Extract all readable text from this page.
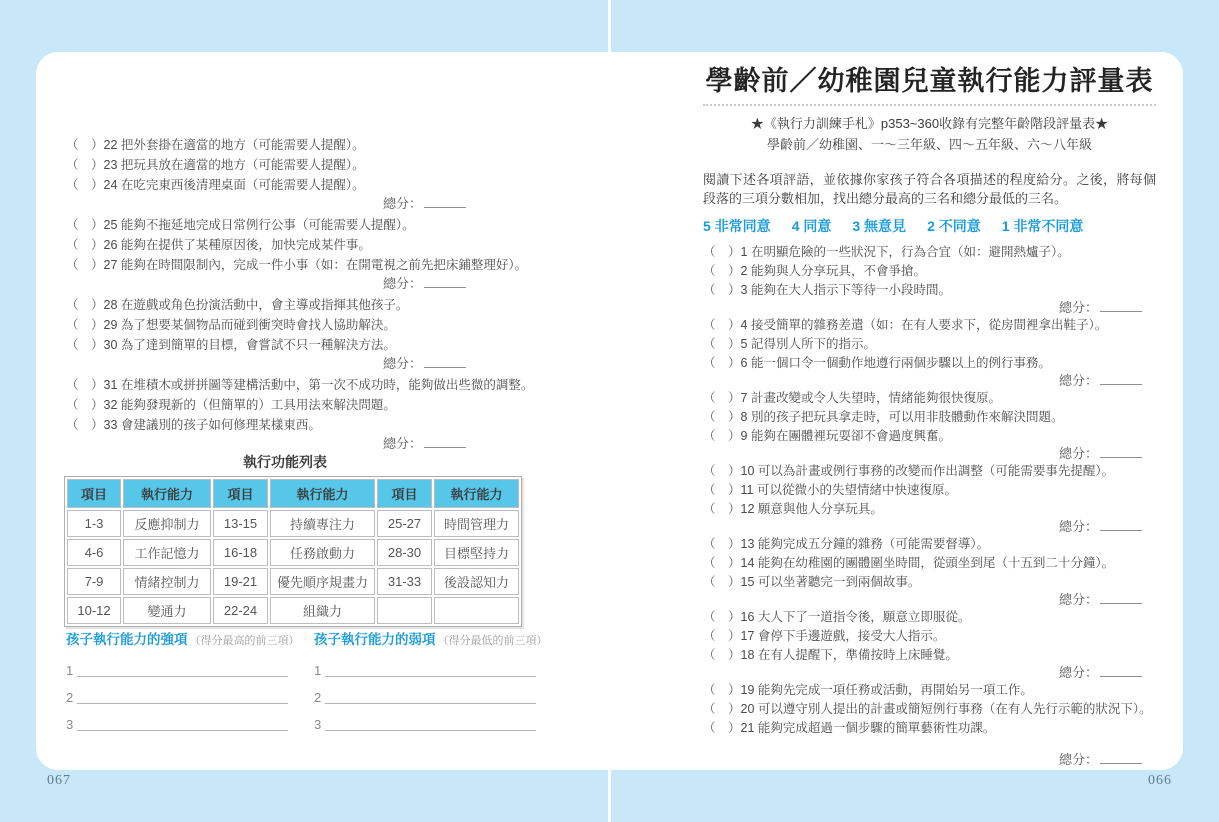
（　）22 把外套掛在適當的地方（可能需要人提醒）。
（　）23 把玩具放在適當的地方（可能需要人提醒）。
（　）24 在吃完東西後清理桌面（可能需要人提醒）。
總分：
（　）25 能夠不拖延地完成日常例行公事（可能需要人提醒）。
（　）26 能夠在提供了某種原因後，加快完成某件事。
（　）27 能夠在時間限制內，完成一件小事（如：在開電視之前先把床鋪整理好）。
總分：
（　）28 在遊戲或角色扮演活動中，會主導或指揮其他孩子。
（　）29 為了想要某個物品而碰到衝突時會找人協助解決。
（　）30 為了達到簡單的目標，會嘗試不只一種解決方法。
總分：
（　）31 在堆積木或拼拼圖等建構活動中，第一次不成功時，能夠做出些微的調整。
（　）32 能夠發現新的（但簡單的）工具用法來解決問題。
（　）33 會建議別的孩子如何修理某樣東西。
總分：
執行功能列表
項目	執行能力	項目	執行能力	項目	執行能力
1-3	反應抑制力	13-15	持續專注力	25-27	時間管理力
4-6	工作記憶力	16-18	任務啟動力	28-30	目標堅持力
7-9	情緒控制力	19-21	優先順序規畫力	31-33	後設認知力
10-12	變通力	22-24	組織力		
孩子執行能力的強項 （得分最高的前三項）
1
2
3
孩子執行能力的弱項 （得分最低的前三項）
1
2
3
067
學齡前／幼稚園兒童執行能力評量表
★《執行力訓練手札》p353~360收錄有完整年齡階段評量表★
學齡前／幼稚園、一～三年級、四～五年級、六～八年級
閱讀下述各項評語，並依據你家孩子符合各項描述的程度給分。之後，將每個段落的三項分數相加，找出總分最高的三名和總分最低的三名。
5 非常同意 4 同意 3 無意見 2 不同意 1 非常不同意
（　）1 在明顯危險的一些狀況下，行為合宜（如：避開熱爐子）。
（　）2 能夠與人分享玩具，不會爭搶。
（　）3 能夠在大人指示下等待一小段時間。
總分：
（　）4 接受簡單的雜務差遣（如：在有人要求下，從房間裡拿出鞋子）。
（　）5 記得別人所下的指示。
（　）6 能一個口令一個動作地遵行兩個步驟以上的例行事務。
總分：
（　）7 計畫改變或令人失望時，情緒能夠很快復原。
（　）8 別的孩子把玩具拿走時，可以用非肢體動作來解決問題。
（　）9 能夠在團體裡玩耍卻不會過度興奮。
總分：
（　）10 可以為計畫或例行事務的改變而作出調整（可能需要事先提醒）。
（　）11 可以從微小的失望情緒中快速復原。
（　）12 願意與他人分享玩具。
總分：
（　）13 能夠完成五分鐘的雜務（可能需要督導）。
（　）14 能夠在幼稚園的團體圍坐時間，從頭坐到尾（十五到二十分鐘）。
（　）15 可以坐著聽完一到兩個故事。
總分：
（　）16 大人下了一道指令後，願意立即服從。
（　）17 會停下手邊遊戲，接受大人指示。
（　）18 在有人提醒下，準備按時上床睡覺。
總分：
（　）19 能夠先完成一項任務或活動，再開始另一項工作。
（　）20 可以遵守別人提出的計畫或簡短例行事務（在有人先行示範的狀況下）。
（　）21 能夠完成超過一個步驟的簡單藝術性功課。
總分：
066
